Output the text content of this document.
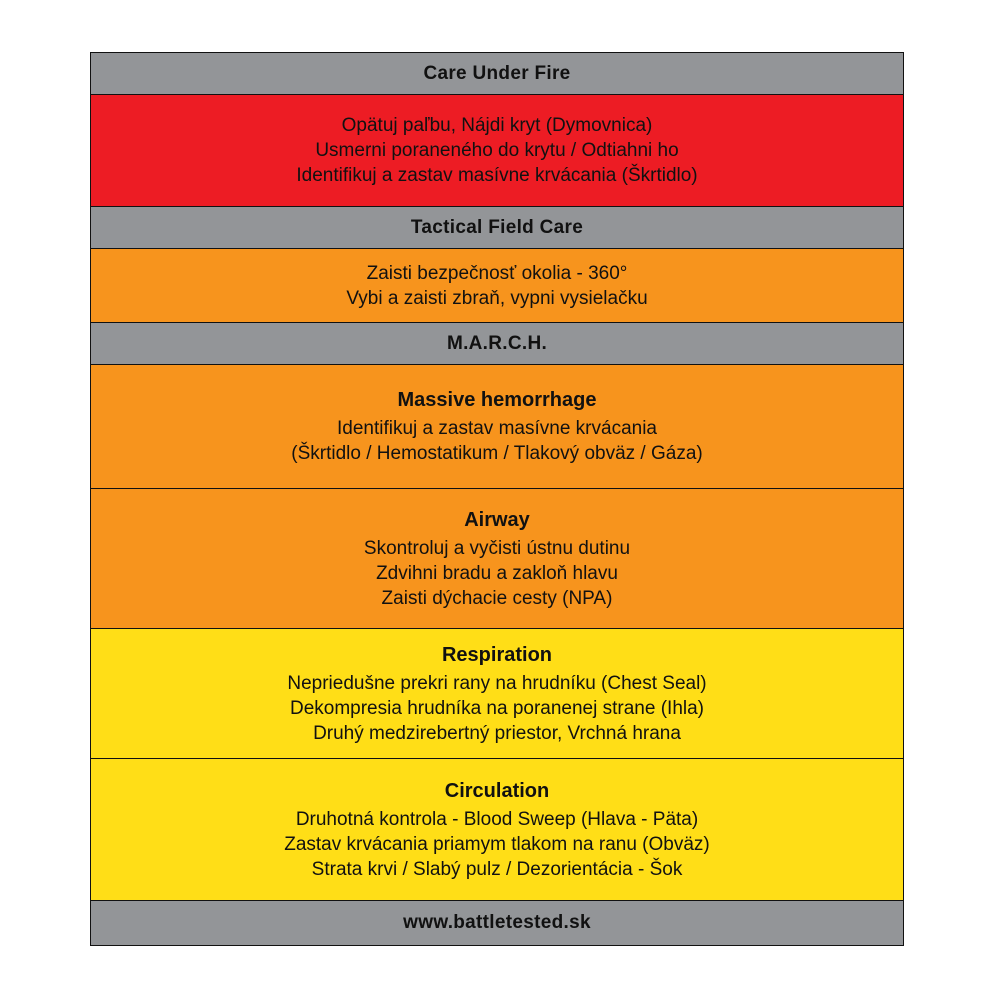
Care Under Fire
Opätuj paľbu, Nájdi kryt (Dymovnica)
Usmerni poraneného do krytu / Odtiahni ho
Identifikuj a zastav masívne krvácania (Škrtidlo)
Tactical Field Care
Zaisti bezpečnosť okolia - 360°
Vybi a zaisti zbraň, vypni vysielačku
M.A.R.C.H.
Massive hemorrhage
Identifikuj a zastav masívne krvácania
(Škrtidlo / Hemostatikum / Tlakový obväz / Gáza)
Airway
Skontroluj a vyčisti ústnu dutinu
Zdvihni bradu a zakloň hlavu
Zaisti dýchacie cesty (NPA)
Respiration
Nepriedušne prekri rany na hrudníku (Chest Seal)
Dekompresia hrudníka na poranenej strane (Ihla)
Druhý medzirebertný priestor, Vrchná hrana
Circulation
Druhotná kontrola - Blood Sweep (Hlava - Päta)
Zastav krvácania priamym tlakom na ranu (Obväz)
Strata krvi / Slabý pulz / Dezorientácia - Šok
www.battletested.sk
